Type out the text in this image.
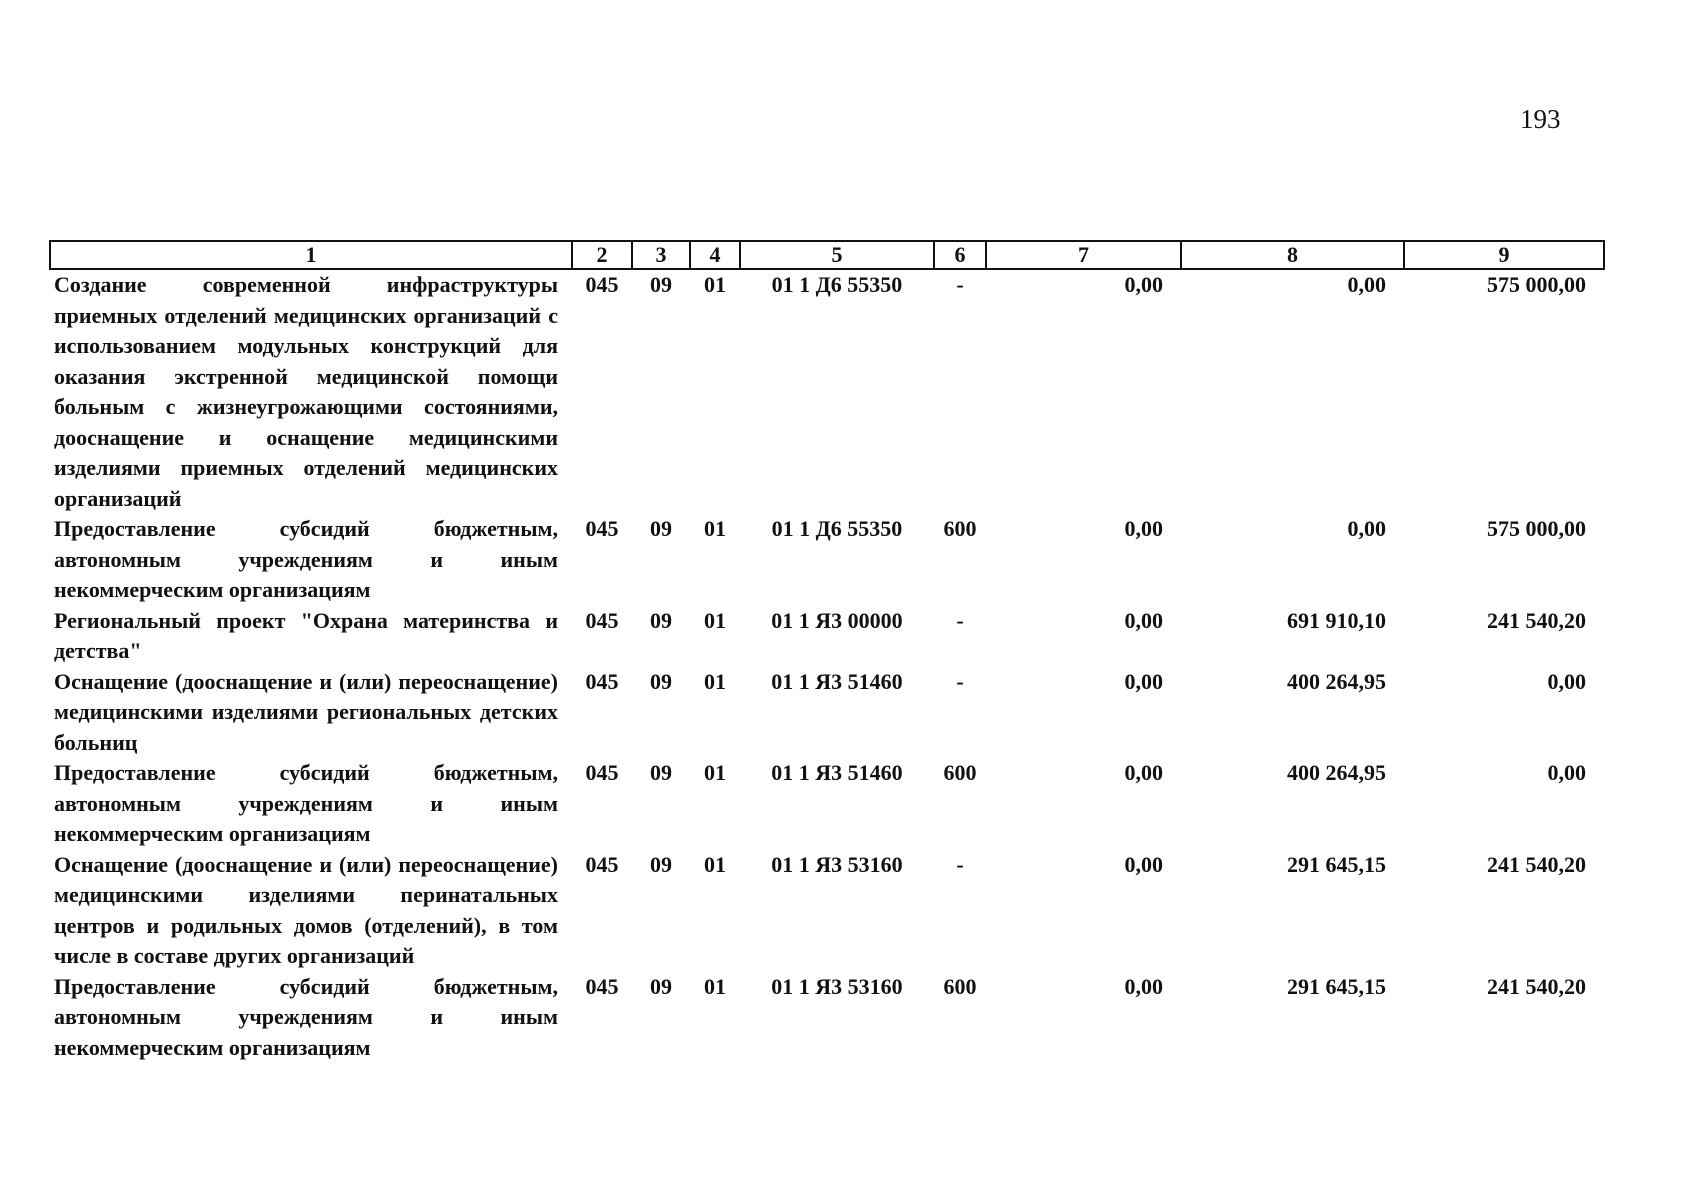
193
1	2	3	4	5	6	7	8	9
Создание современной инфраструктуры приемных отделений медицинских организаций с использованием модульных конструкций для оказания экстренной медицинской помощи больным с жизнеугрожающими состояниями, дооснащение и оснащение медицинскими изделиями приемных отделений медицинских организаций	045	09	01	01 1 Д6 55350	-	0,00	0,00	575 000,00
Предоставление субсидий бюджетным, автономным учреждениям и иным некоммерческим организациям	045	09	01	01 1 Д6 55350	600	0,00	0,00	575 000,00
Региональный проект "Охрана материнства и детства"	045	09	01	01 1 Я3 00000	-	0,00	691 910,10	241 540,20
Оснащение (дооснащение и (или) переоснащение) медицинскими изделиями региональных детских больниц	045	09	01	01 1 Я3 51460	-	0,00	400 264,95	0,00
Предоставление субсидий бюджетным, автономным учреждениям и иным некоммерческим организациям	045	09	01	01 1 Я3 51460	600	0,00	400 264,95	0,00
Оснащение (дооснащение и (или) переоснащение) медицинскими изделиями перинатальных центров и родильных домов (отделений), в том числе в составе других организаций	045	09	01	01 1 Я3 53160	-	0,00	291 645,15	241 540,20
Предоставление субсидий бюджетным, автономным учреждениям и иным некоммерческим организациям	045	09	01	01 1 Я3 53160	600	0,00	291 645,15	241 540,20
